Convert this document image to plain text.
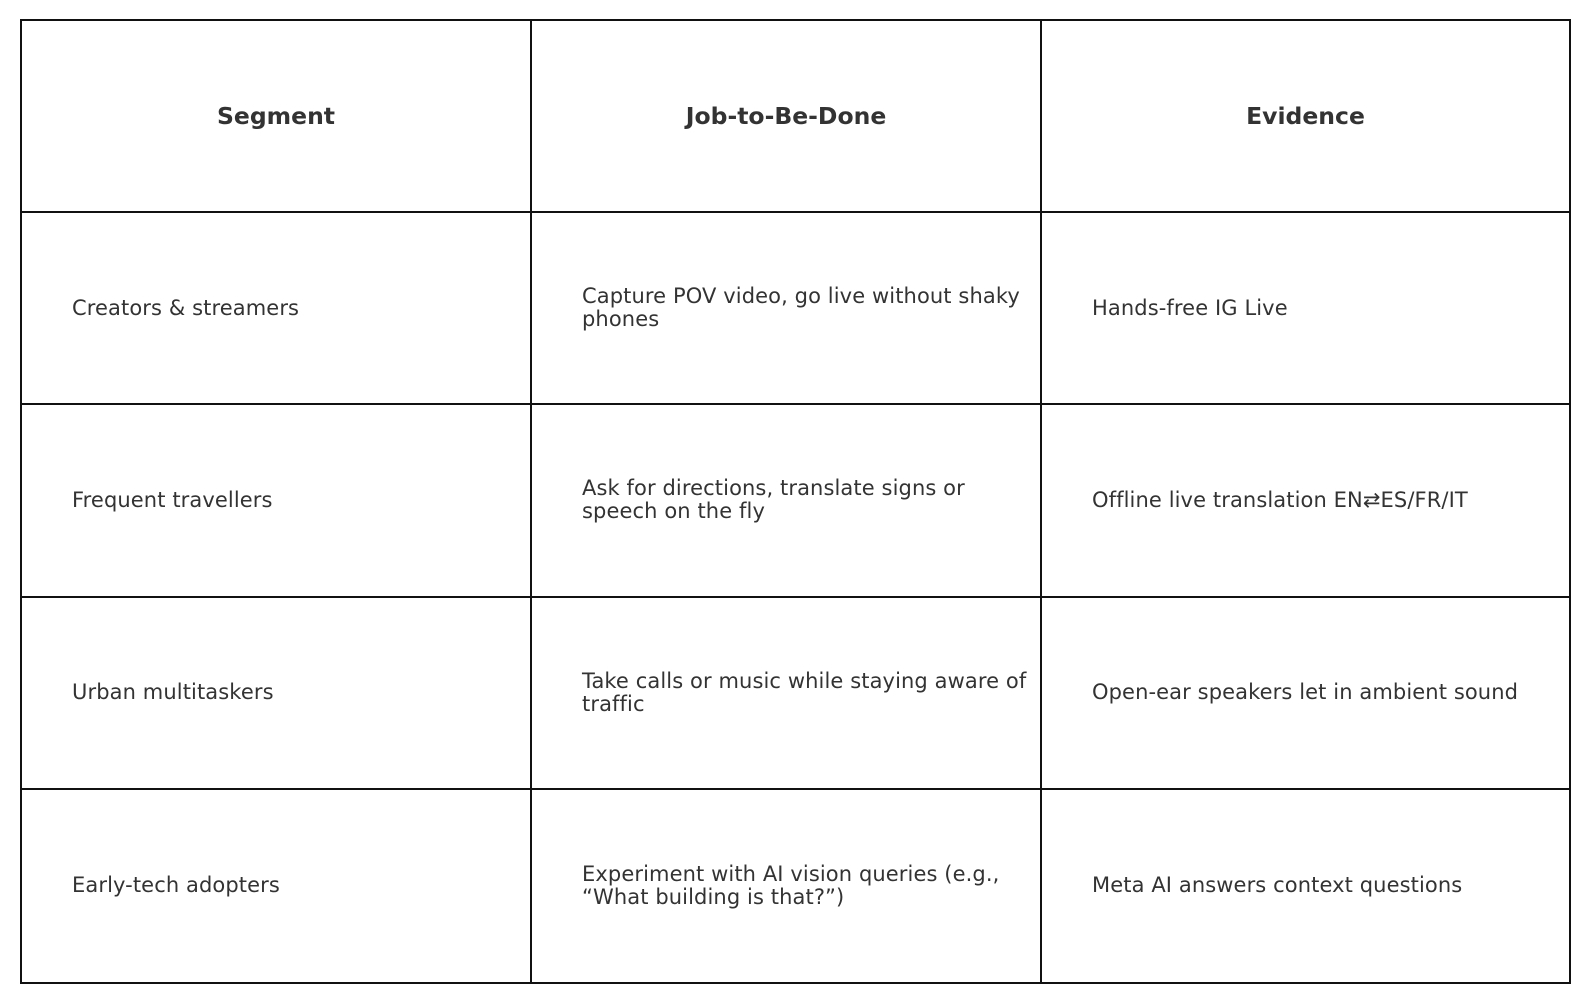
Segment	Job-to-Be-Done	Evidence
Creators & streamers	Capture POV video, go live without shaky phones	Hands-free IG Live
Frequent travellers	Ask for directions, translate signs or speech on the fly	Offline live translation EN⇄ES/FR/IT
Urban multitaskers	Take calls or music while staying aware of traffic	Open-ear speakers let in ambient sound
Early-tech adopters	Experiment with AI vision queries (e.g., “What building is that?”)	Meta AI answers context questions
